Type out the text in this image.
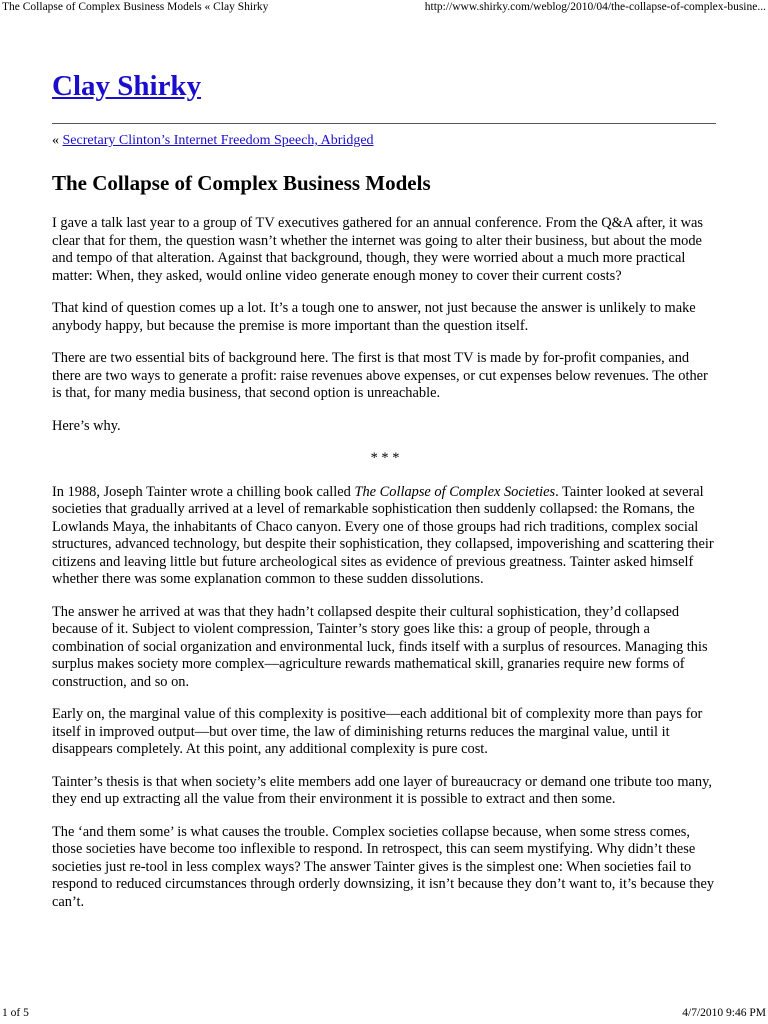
The Collapse of Complex Business Models « Clay Shirky	http://www.shirky.com/weblog/2010/04/the-collapse-of-complex-busine...
Clay Shirky
« Secretary Clinton’s Internet Freedom Speech, Abridged
The Collapse of Complex Business Models

I gave a talk last year to a group of TV executives gathered for an annual conference. From the Q&A after, it was clear that for them, the question wasn’t whether the internet was going to alter their business, but about the mode and tempo of that alteration. Against that background, though, they were worried about a much more practical matter: When, they asked, would online video generate enough money to cover their current costs?

That kind of question comes up a lot. It’s a tough one to answer, not just because the answer is unlikely to make anybody happy, but because the premise is more important than the question itself.

There are two essential bits of background here. The first is that most TV is made by for-profit companies, and there are two ways to generate a profit: raise revenues above expenses, or cut expenses below revenues. The other is that, for many media business, that second option is unreachable.

Here’s why.

* * *

In 1988, Joseph Tainter wrote a chilling book called The Collapse of Complex Societies. Tainter looked at several societies that gradually arrived at a level of remarkable sophistication then suddenly collapsed: the Romans, the Lowlands Maya, the inhabitants of Chaco canyon. Every one of those groups had rich traditions, complex social structures, advanced technology, but despite their sophistication, they collapsed, impoverishing and scattering their citizens and leaving little but future archeological sites as evidence of previous greatness. Tainter asked himself whether there was some explanation common to these sudden dissolutions.

The answer he arrived at was that they hadn’t collapsed despite their cultural sophistication, they’d collapsed because of it. Subject to violent compression, Tainter’s story goes like this: a group of people, through a combination of social organization and environmental luck, finds itself with a surplus of resources. Managing this surplus makes society more complex—agriculture rewards mathematical skill, granaries require new forms of construction, and so on.

Early on, the marginal value of this complexity is positive—each additional bit of complexity more than pays for itself in improved output—but over time, the law of diminishing returns reduces the marginal value, until it disappears completely. At this point, any additional complexity is pure cost.

Tainter’s thesis is that when society’s elite members add one layer of bureaucracy or demand one tribute too many, they end up extracting all the value from their environment it is possible to extract and then some.

The ‘and them some’ is what causes the trouble. Complex societies collapse because, when some stress comes, those societies have become too inflexible to respond. In retrospect, this can seem mystifying. Why didn’t these societies just re-tool in less complex ways? The answer Tainter gives is the simplest one: When societies fail to respond to reduced circumstances through orderly downsizing, it isn’t because they don’t want to, it’s because they can’t.

1 of 5	4/7/2010 9:46 PM
